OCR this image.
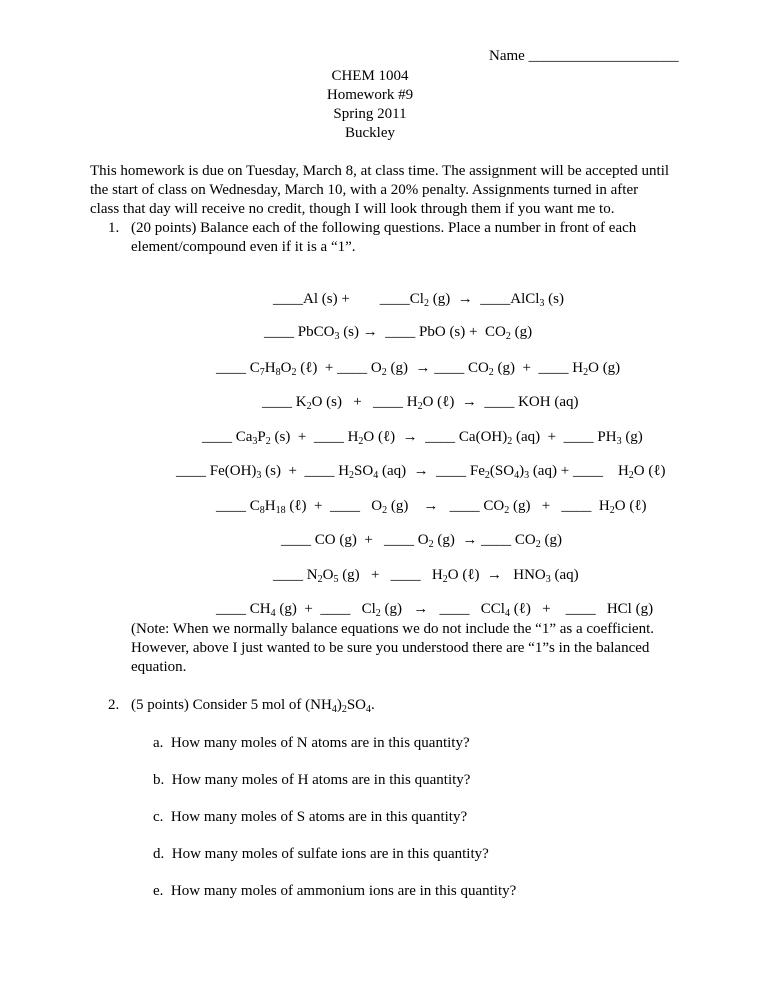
Name ____________________
CHEM 1004
Homework #9
Spring 2011
Buckley
This homework is due on Tuesday, March 8, at class time. The assignment will be accepted until
the start of class on Wednesday, March 10, with a 20% penalty. Assignments turned in after
class that day will receive no credit, though I will look through them if you want me to.
1. (20 points) Balance each of the following questions. Place a number in front of each
element/compound even if it is a “1”.

____Al $(s) + \_\_\_\_Cl_2$ (g) → ____AlCl$_3$ (s)

____ PbCO$_3$ (s) → ____ PbO $(s) + CO_2$ (g)

____ $C_7H_8O_2$ (ℓ) + ____ $O_2$ (g) → ____ $CO_2$ (g) + ____ $H_2O$ (g)

____ $K_2O$ (s) + ____ $H_2O$ (ℓ) → ____ KOH (aq)

____ $Ca_3P_2$ (s) + ____ $H_2O$ (ℓ) → ____ $Ca(OH)_2$ (aq) + ____ $PH_3$ (g)

____ $Fe(OH)_3$ (s) + ____ $H_2SO_4$ (aq) → ____ $Fe_2(SO_4)_3$ (aq) + ____ $H_2O$ (ℓ)

____ $C_8H_{18}$ (ℓ) + ____ $O_2$ (g) → ____ $CO_2$ (g) + ____ $H_2O$ (ℓ)

____ CO (g) + ____ $O_2$ (g) → ____ $CO_2$ (g)

____ $N_2O_5$ (g) + ____ $H_2O$ (ℓ) → $HNO_3$ (aq)

____ $CH_4$ (g) + ____ $Cl_2$ (g) → ____ CCl$_4$ (ℓ) + ____ HCl (g)

(Note: When we normally balance equations we do not include the “1” as a coefficient.
However, above I just wanted to be sure you understood there are “1”s in the balanced
equation.
2. (5 points) Consider 5 mol of $(NH_4)_2SO_4$.
a. How many moles of N atoms are in this quantity?
b. How many moles of H atoms are in this quantity?
c. How many moles of S atoms are in this quantity?
d. How many moles of sulfate ions are in this quantity?
e. How many moles of ammonium ions are in this quantity?
